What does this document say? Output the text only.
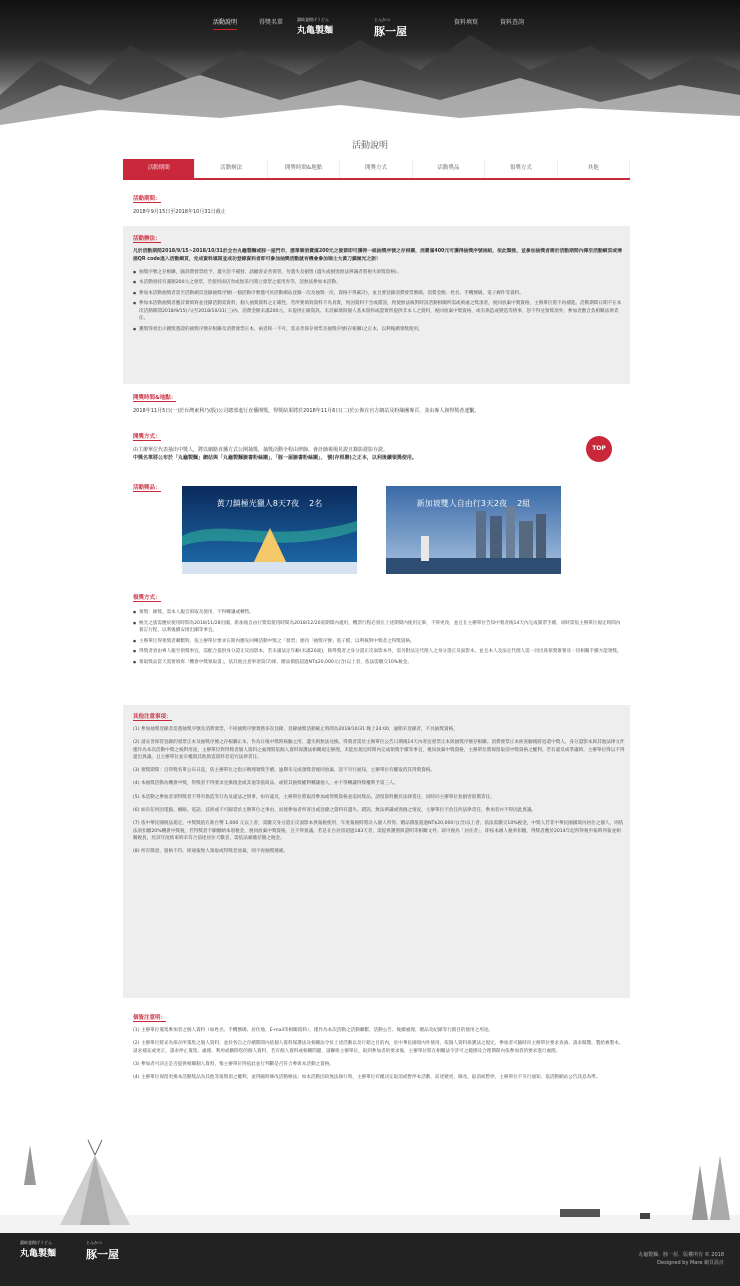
活動說明	得獎名單	讃岐釜揚げうどん
丸亀製麺
とんかつ
豚一屋
資料填寫	資料查詢
活動說明
活動期間	活動辦法	開獎時間&地點	開獎方式	活動獎品	領獎方式	其他
活動期間：
2018年9月15日至2018年10月31日截止
活動辦法：
凡於活動期間2018/9/15~2018/10/31於全台丸龜製麵或豚一屋門市，憑單筆消費滿200元之發票即可獲得一組抽獎序號之存根聯，消費滿400元可獲得抽獎序號兩組，依此類推，並參加抽獎者需於活動期間內擇至活動網頁或掃描QR code進入活動網頁，完成資料填寫並成功登錄資料者即可參加抽獎活動就有機會參加瑞士大黃刀鎮極光之旅！
● 抽獎序號之存根聯，隨消費發票給予，遺失恕不補發，請顧客妥善保管，勿遺失及損毀 (遺失或損毀無法辨識者將視失領獎資格)。
● 本活動須持有滿額200元之發票，若使用兩店券或無采行開立發票之抵用券等，恕無法參加本活動。
● 參加本活動抽獎者需至活動網頁登錄抽獎序號(一個活動序號僅可於活動網站登錄一次及抽獎一次，資格不得累計)，並且要登錄消費發票號碼、消費金額、姓名、手機號碼、電子郵件等資料。
● 參加本活動抽獎者應詳實填寫並登錄活動需資料，個人抽獎資料之正確性，若所要填寫資料不為真實，致因資料不全或錯誤，致使無法核對時該活動相關所需或被處之獎項者，視同放棄中獎資格，主辦單位將不再補進。活動期間日期不在本次活動期間2018/9/15(六)至2018/10/31(三)內、消費金額未滿200元、未提供正確資訊、未詳細填寫個人基本資料或證實所提供非本人之資料，視同放棄中獎資格，或有偽造或變造等情事，恕不得兌領獎項外，參加者應自負相關法律責任。
● 獲獎得須出示獲獎憑證的抽獎序號存根聯及消費發票正本，兩者缺一不可，需妥善保存發票及抽獎序號(存根聯)之正本，以利後續領獎使用。
開獎時間&地點：
2018年11月5日(一)於台灣東利乃(股)公司總部進行直播開獎，得獎結果將於2018年11月6日(二)於公佈在官方網站及粉絲團專頁，並由專人與得獎者連繫。
開獎方式：
由主辦單位代表抽出中獎人，將以網路直播方式公開抽獎，抽獎活動全程由律師、會計師視場見證且錄影證影存證。
中獎名單將公布於「丸龜製麵」網站與「丸龜製麵臉書粉絲團」、「豚一屋臉書粉絲團」、 號(存根聯)之正本，以利後續領獎使用。
TOP
活動獎品：
黃刀鎮極光獵人8天7夜 2名	新加坡雙人自由行3天2夜 2組
領獎方式：
● 領獎：匯獎、需本人親自領取及使用，不得轉讓或轉售。
● 極光之旅需應於使用時間為2018/11/28出團，新加坡自由行獎需使用時間為2018/12/20前期間內適用，機票行程必須在上述期間內使用完畢，不得更改，並且在主辦單位告知中獎者後14天內完成開票手續，同時需依主辦單位規定時間內簽訂行程，以利後續安排出團等事宜。
● 主辦單位得領獎者聯繫時，依主辦單位要求在期內應先回傳活動中獎之「發票」連同「抽獎序號」電子檔，以利核對中獎者之得獎資格。
● 得獎者須由專人親至領獎事宜，需配合提供身分證正反面影本，若未滿法定年齡(未滿20歲)，除得獎者之身分證正反面影本外，需另附法定代理人之身分證正反面影本，並且本人及法定代理人需一同出席領獎簽署及一切相關手續方能領獎。
● 領取獎品當天需要填寫「機會中獎領取書」，依其他注意事項第(7)條，贈品價值超過NT$20,000元(含)以上者，依法需繳交10%稅金。
其他注意事項：
(1) 參加抽獎登錄者需憑抽獎序號及消費發票，不同抽獎序號實務多次登錄，登錄抽獎活動截止時間為2018/10/31 晚上24:00，逾期未登錄者，不具抽獎資格。
(2) 請妥善保管登錄的發票正本及抽獎序號之存根聯正本，作為日後中獎時核驗之用，遺失則無法兌換。得獎者需於主辦單位公告日期後14天內寄送發票正本與抽獎序號存根聯。消費發票正本經查驗後將退還中獎人，身分證影本與其他法律文件僅作為本次活動中獎之核對用途，主辦單位對得獎者個人資料之處理將依個人資料保護法相關規定辦理，未能於規定時間內完成領獎手續等事宜，視同放棄中獎資格，主辦單位將保留取消中獎資格之權利，若有違反或爭議時，主辦單位得以不得提出異議，且主辦單位並有權就其他偽造資料者追究法律責任。
(3) 領獎期間：自得獎名單公布日起，依主辦單位之指示辦理領獎手續，逾期未完成領獎者視同放棄，恕不另行通知，主辦單位有權取消其得獎資格。
(4) 本抽獎活動為機會中獎，得獎者不得要求兌換現金或其他等值商品，或將其抽獎權利轉讓他人，亦不得轉讓得獎權利予第三人。
(5) 本活動之參加者須得獎者不得有偽造等行為及違法之情事，如有違反，主辦單位將取消參加或得獎資格並追回獎品，請留資料應於法律責任，同時向主辦單位負損害賠償責任。
(6) 如有任何因電腦、網路、電話、技術或不可歸責於主辦單位之事由，而使參加者所寄出或登錄之資料有遺失、錯誤、無法辨識或毀損之情況，主辦單位不負任何法律責任，參加者亦不得因此異議。
(7) 依中華民國稅法規定，中獎獎值在新台幣 1,000 元以上者，需繳交身分證正反面影本供報稅使用，年度報稅時將計入個人所得。贈品價值超過NT$20,000元(含)以上者，依法需繳交10%稅金，中獎人若非中華民國國境內居住之個人，則依法須扣繳20%機會中獎稅，若得獎者不願繳納本項稅金，視同放棄中獎資格，且不得異議。若是在台居留超過183天者，需提供護照與證明等相關文件，即可視為「居住者」，即按本國人稅率扣繳，得獎者應於2014年起所得稅申報時列報並相關稅負，於該年度結束時未符合前述居住天數者，需依法補繳差額之稅金。
(8) 所有獎項，資格不符，經通報無人領取或得獎者放棄，則不再抽獎遞補。
個資注意明：
(1) 主辦單位蒐集參加者之個人資料（如姓名、手機號碼、居住地、E-mail等相關資料），僅作為本次活動之活動聯繫、活動公告、後續處理、贈品及紀錄等行銷目的使用之用途。
(2) 主辦單位將妥為保存所蒐集之個人資料，並於各自之存續期間內依個人資料保護法及相關法令於上述活動以及行銷之目的內，於中華民國境內外使用。依個人資料保護法之規定，參加者可隨時向主辦單位要求查詢、請求閱覽、製給複製本、請求補充或更正、請求停止蒐集、處理、利用或刪除您的個人資料，若有個人資料或相關問題，請聯絡主辦單位，取到參加者的要求後，主辦單位將在相關法令許可之範圍及合理期間內依參加者的要求進行處理。
(3) 參加者可決定是否提供相關個人資料，惟主辦單位得依此並行判斷是否符合參與本活動之資格。
(4) 主辦單位保留更換本活動獎品為其他等值獎項之權利，並得隨時修改活動辦法；如本活動因故無法執行時，主辦單位有權決定取消或暫停本活動，前述變更、修改、取消或暫停，主辦單位不另行通知，依活動網站公告訊息為準。
讃岐釜揚げうどん
丸亀製麺
とんかつ
豚一屋	丸龜製麵．豚一屋．版權所有 © 2018
Designed by Mare 網頁設計
